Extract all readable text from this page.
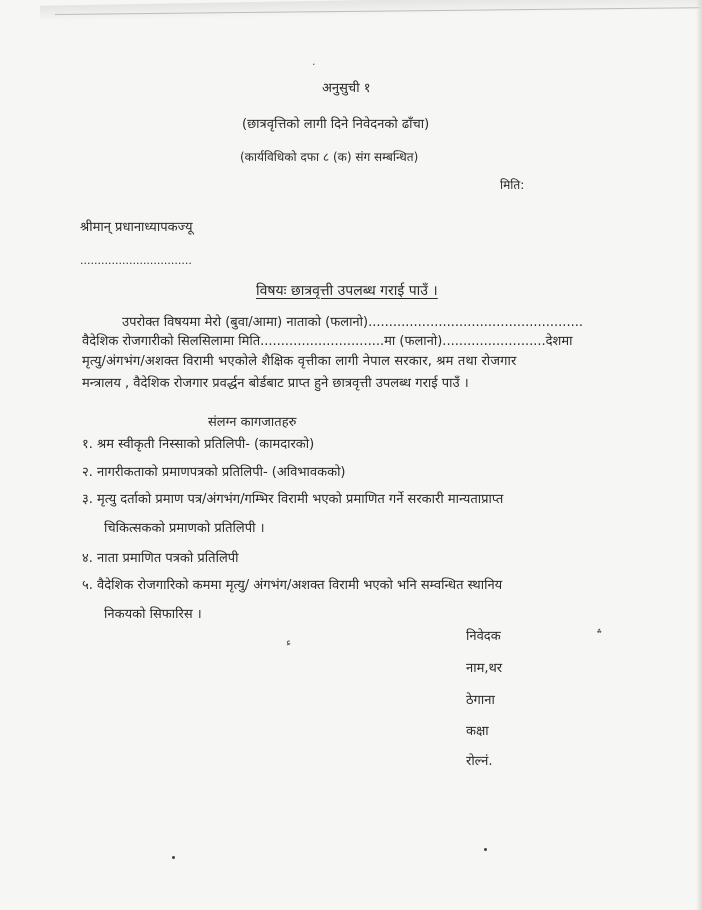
·
अनुसुची १
(छात्रवृत्तिको लागी दिने निवेदनको ढाँचा)
(कार्यविधिको दफा ८ (क) संग सम्बन्धित)
मिति:
श्रीमान् प्रधानाध्यापकज्यू
................................
विषयः छात्रवृत्ती उपलब्ध गराई पाउँ ।
उपरोक्त विषयमा मेरो (बुवा/आमा) नाताको (फलानो)....................................................
वैदेशिक रोजगारीको सिलसिलामा मिति..............................मा (फलानो).........................देशमा
मृत्यु/अंगभंग/अशक्त विरामी भएकोले शैक्षिक वृत्तीका लागी नेपाल सरकार, श्रम तथा रोजगार
मन्त्रालय , वैदेशिक रोजगार प्रवर्द्धन बोर्डबाट प्राप्त हुने छात्रवृत्ती उपलब्ध गराई पाउँ ।
संलग्न कागजातहरु
१. श्रम स्वीकृती निस्साको प्रतिलिपी- (कामदारको)
२. नागरीकताको प्रमाणपत्रको प्रतिलिपी- (अविभावकको)
३. मृत्यु दर्ताको प्रमाण पत्र/अंगभंग/गम्भिर विरामी भएको प्रमाणित गर्ने सरकारी मान्यताप्राप्त
चिकित्सकको प्रमाणको प्रतिलिपी ।
४. नाता प्रमाणित पत्रको प्रतिलिपी
५. वैदेशिक रोजगारिको कममा मृत्यु/ अंगभंग/अशक्त विरामी भएको भनि सम्वन्धित स्थानिय
निकयको सिफारिस ।
ء
؞
निवेदक
नाम,थर
ठेगाना
कक्षा
रोल्नं.
